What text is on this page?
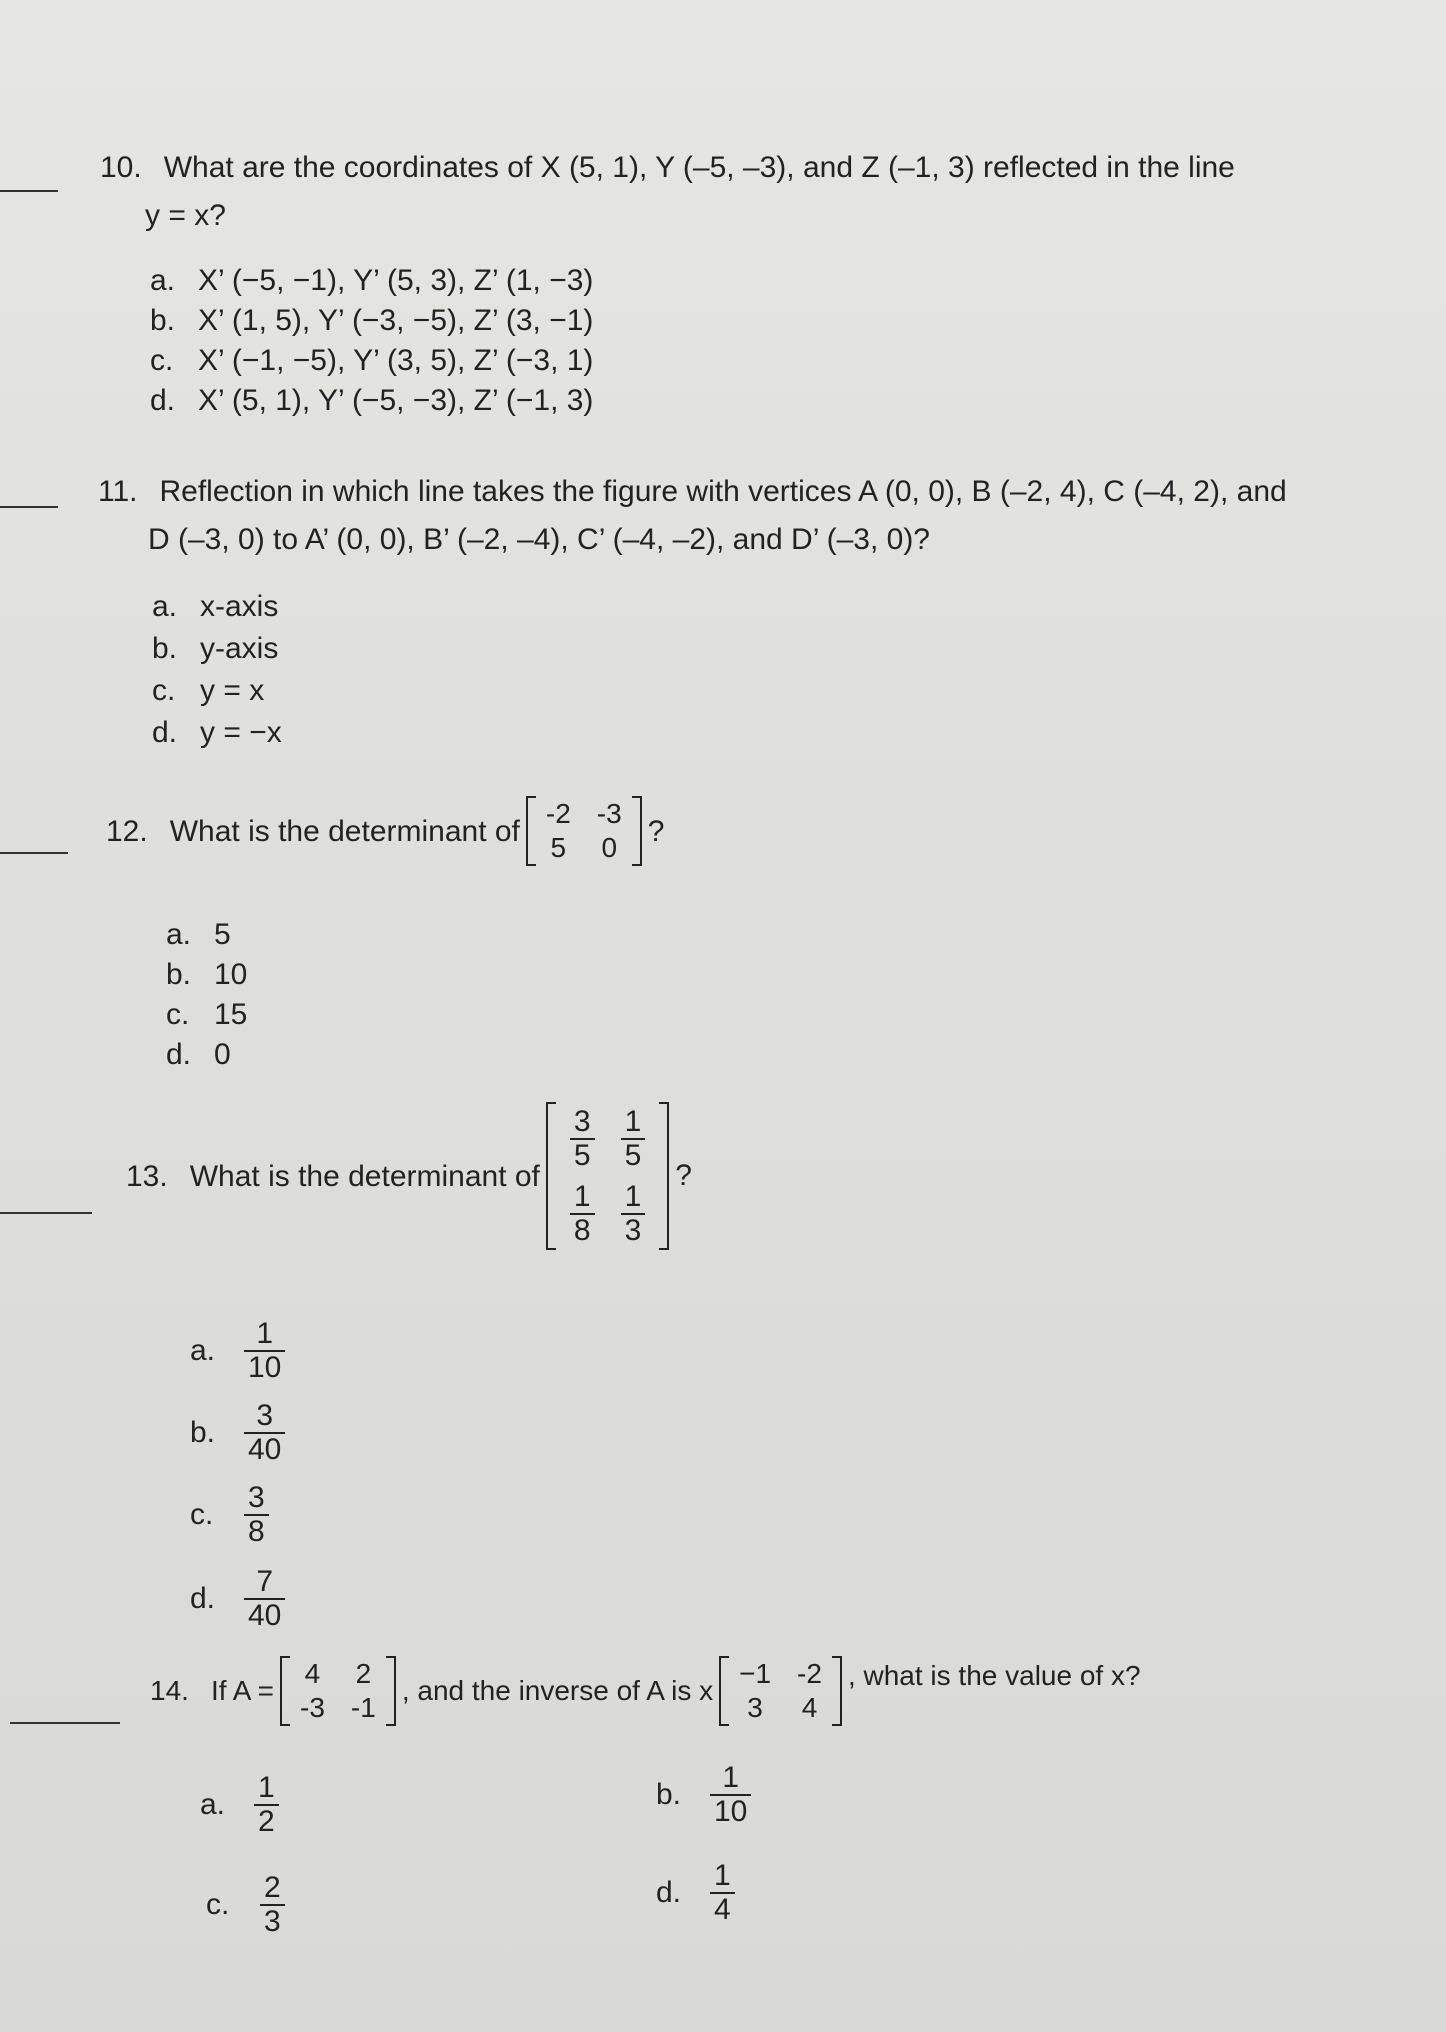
10. What are the coordinates of X (5, 1), Y (–5, –3), and Z (–1, 3) reflected in the line
y = x?
a. X’ (−5, −1), Y’ (5, 3), Z’ (1, −3)
b. X’ (1, 5), Y’ (−3, −5), Z’ (3, −1)
c. X’ (−1, −5), Y’ (3, 5), Z’ (−3, 1)
d. X’ (5, 1), Y’ (−5, −3), Z’ (−1, 3)
11. Reflection in which line takes the figure with vertices A (0, 0), B (–2, 4), C (–4, 2), and
D (–3, 0) to A’ (0, 0), B’ (–2, –4), C’ (–4, –2), and D’ (–3, 0)?
a. x-axis
b. y-axis
c. y = x
d. y = −x
12. What is the determinant of
-2 -3
5 0 ?
a. 5
b. 10
c. 15
d. 0
13. What is the determinant of
$\frac{3}{5} \frac{1}{5}$
$\frac{1}{8} \frac{1}{3}$
?
a. $\frac{1}{10}$
b. $\frac{3}{40}$
c.	$\frac{3}{8}$
d. $\frac{7}{40}$
14. If A =
4 2
-3 -1
, and the inverse of A is x
−1 -2
3 4
, what is the value of x?
a. $\frac{1}{2}$	b. $\frac{1}{10}$
c.	$\frac{2}{3}$	d. $\frac{1}{4}$
